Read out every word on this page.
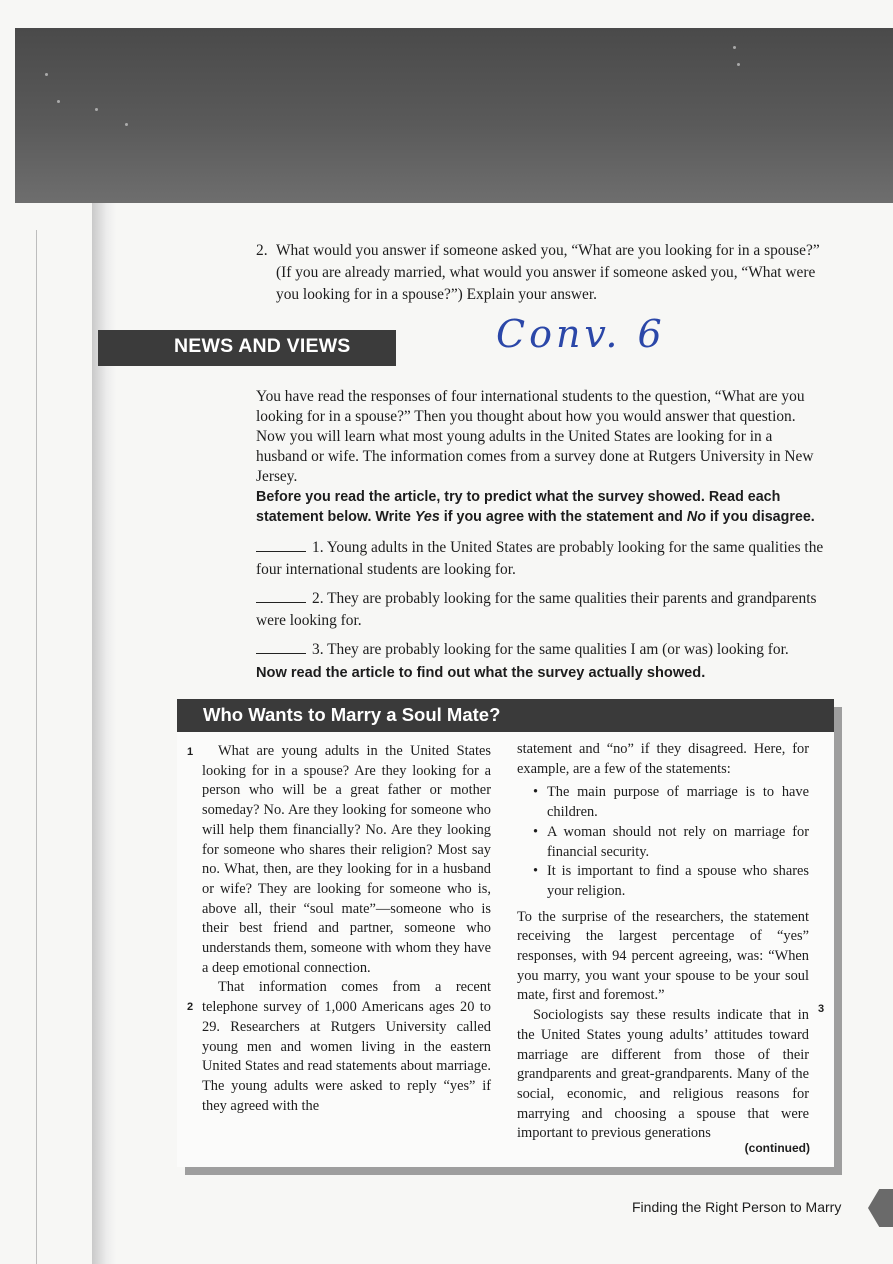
2. What would you answer if someone asked you, “What are you looking for in a spouse?” (If you are already married, what would you answer if someone asked you, “What were you looking for in a spouse?”) Explain your answer.
NEWS AND VIEWS	Conv. 6
You have read the responses of four international students to the question, “What are you looking for in a spouse?” Then you thought about how you would answer that question. Now you will learn what most young adults in the United States are looking for in a husband or wife. The information comes from a survey done at Rutgers University in New Jersey.
Before you read the article, try to predict what the survey showed. Read each statement below. Write Yes if you agree with the statement and No if you disagree.
1. Young adults in the United States are probably looking for the same qualities the four international students are looking for.
2. They are probably looking for the same qualities their parents and grandparents were looking for.
3. They are probably looking for the same qualities I am (or was) looking for.
Now read the article to find out what the survey actually showed.
Who Wants to Marry a Soul Mate?
1	What are young adults in the United States looking for in a spouse? Are they looking for a person who will be a great father or mother someday? No. Are they looking for someone who will help them financially? No. Are they looking for someone who shares their religion? Most say no. What, then, are they looking for in a husband or wife? They are looking for someone who is, above all, their “soul mate”—someone who is their best friend and partner, someone who understands them, someone with whom they have a deep emotional connection.

That information comes from a recent telephone survey of 1,000 Americans ages 20 to 29. Researchers at Rutgers University called young men and women living in the eastern United States and read statements about marriage. The young adults were asked to reply “yes” if they agreed with the

2

statement and “no” if they disagreed. Here, for example, are a few of the statements:

• The main purpose of marriage is to have children.
• A woman should not rely on marriage for financial security.
• It is important to find a spouse who shares your religion.

To the surprise of the researchers, the statement receiving the largest percentage of “yes” responses, with 94 percent agreeing, was: “When you marry, you want your spouse to be your soul mate, first and foremost.”

Sociologists say these results indicate that in the United States young adults’ attitudes toward marriage are different from those of their grandparents and great-grandparents. Many of the social, economic, and religious reasons for marrying and choosing a spouse that were important to previous generations

3
(continued)
Finding the Right Person to Marry
